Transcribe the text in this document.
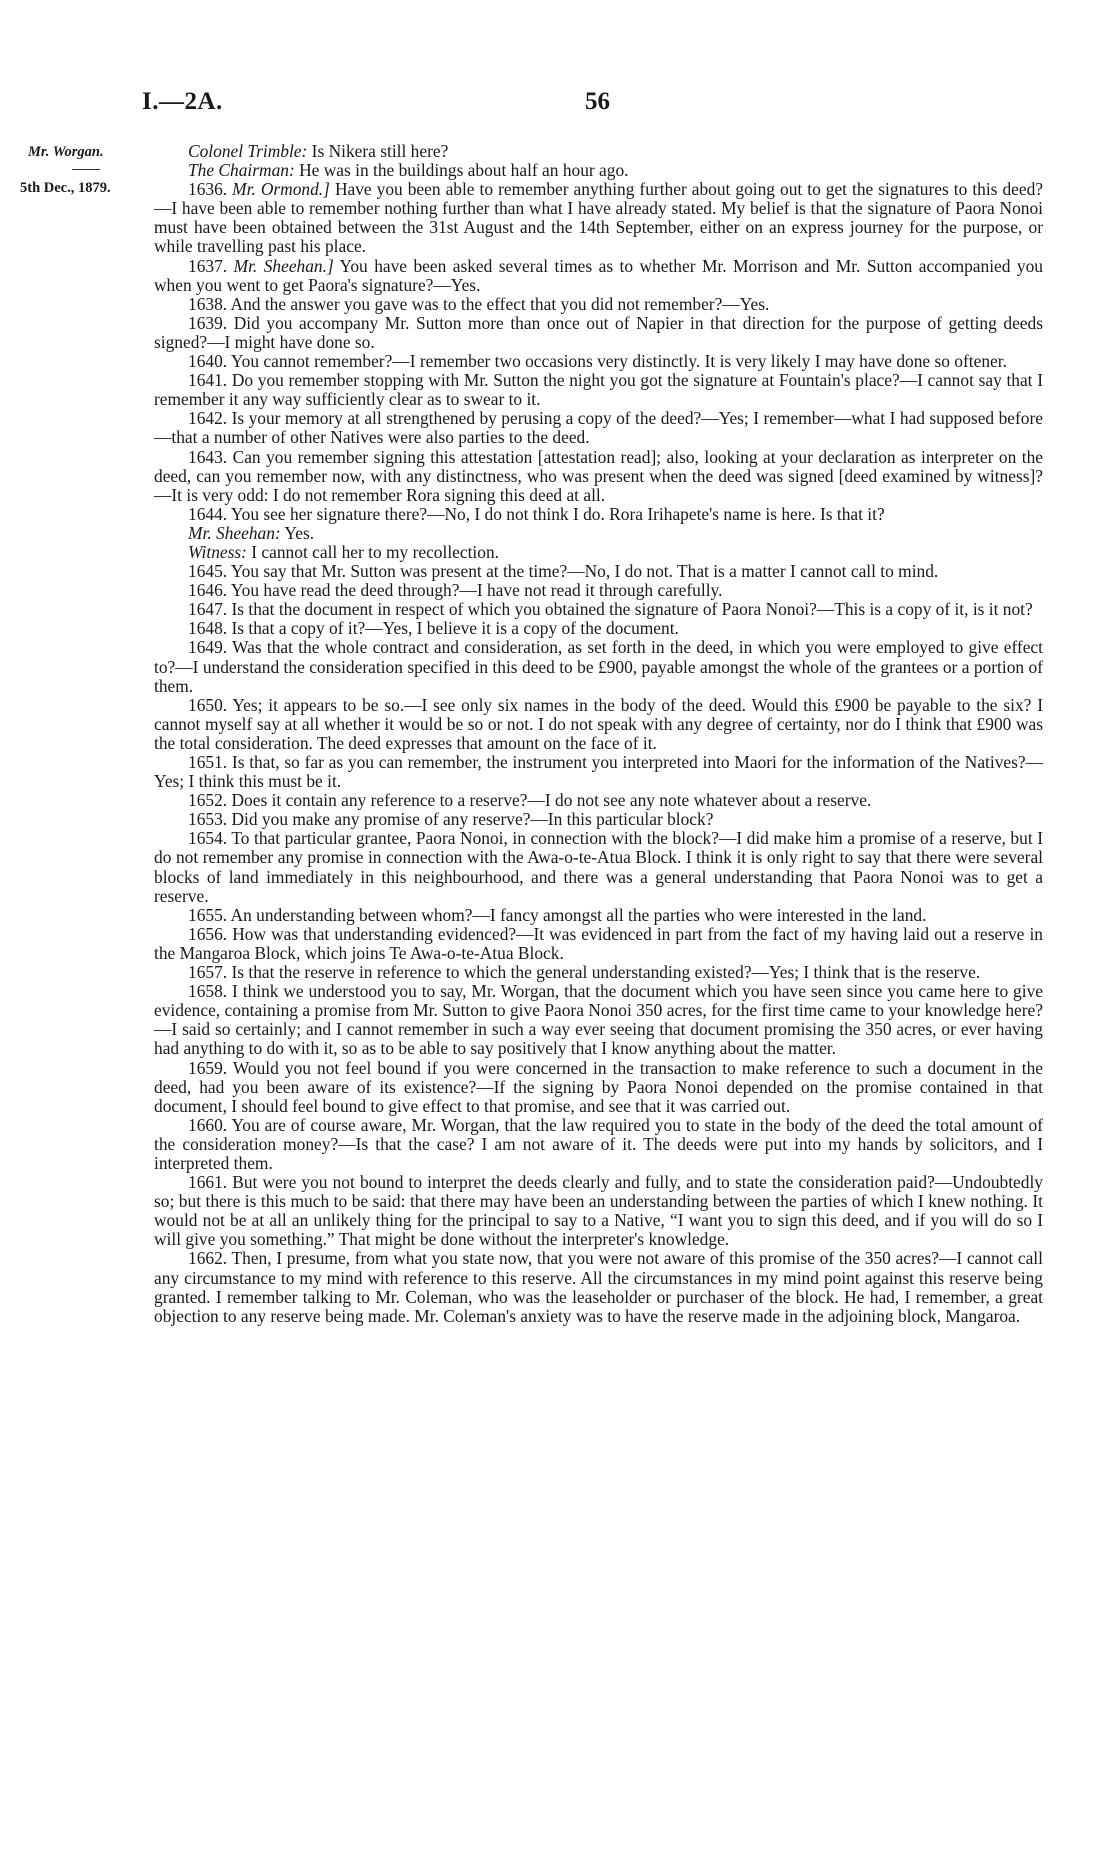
I.—2A.	56
Mr. Worgan.
5th Dec., 1879.

Colonel Trimble: Is Nikera still here?

The Chairman: He was in the buildings about half an hour ago.

1636. Mr. Ormond.] Have you been able to remember anything further about going out to get the signatures to this deed?—I have been able to remember nothing further than what I have already stated. My belief is that the signature of Paora Nonoi must have been obtained between the 31st August and the 14th September, either on an express journey for the purpose, or while travelling past his place.

1637. Mr. Sheehan.] You have been asked several times as to whether Mr. Morrison and Mr. Sutton accompanied you when you went to get Paora's signature?—Yes.

1638. And the answer you gave was to the effect that you did not remember?—Yes.

1639. Did you accompany Mr. Sutton more than once out of Napier in that direction for the purpose of getting deeds signed?—I might have done so.

1640. You cannot remember?—I remember two occasions very distinctly. It is very likely I may have done so oftener.

1641. Do you remember stopping with Mr. Sutton the night you got the signature at Fountain's place?—I cannot say that I remember it any way sufficiently clear as to swear to it.

1642. Is your memory at all strengthened by perusing a copy of the deed?—Yes; I remember—what I had supposed before—that a number of other Natives were also parties to the deed.

1643. Can you remember signing this attestation [attestation read]; also, looking at your declaration as interpreter on the deed, can you remember now, with any distinctness, who was present when the deed was signed [deed examined by witness]?—It is very odd: I do not remember Rora signing this deed at all.

1644. You see her signature there?—No, I do not think I do. Rora Irihapete's name is here. Is that it?

Mr. Sheehan: Yes.

Witness: I cannot call her to my recollection.

1645. You say that Mr. Sutton was present at the time?—No, I do not. That is a matter I cannot call to mind.

1646. You have read the deed through?—I have not read it through carefully.

1647. Is that the document in respect of which you obtained the signature of Paora Nonoi?—This is a copy of it, is it not?

1648. Is that a copy of it?—Yes, I believe it is a copy of the document.

1649. Was that the whole contract and consideration, as set forth in the deed, in which you were employed to give effect to?—I understand the consideration specified in this deed to be £900, payable amongst the whole of the grantees or a portion of them.

1650. Yes; it appears to be so.—I see only six names in the body of the deed. Would this £900 be payable to the six? I cannot myself say at all whether it would be so or not. I do not speak with any degree of certainty, nor do I think that £900 was the total consideration. The deed expresses that amount on the face of it.

1651. Is that, so far as you can remember, the instrument you interpreted into Maori for the information of the Natives?—Yes; I think this must be it.

1652. Does it contain any reference to a reserve?—I do not see any note whatever about a reserve.

1653. Did you make any promise of any reserve?—In this particular block?

1654. To that particular grantee, Paora Nonoi, in connection with the block?—I did make him a promise of a reserve, but I do not remember any promise in connection with the Awa-o-te-Atua Block. I think it is only right to say that there were several blocks of land immediately in this neighbourhood, and there was a general understanding that Paora Nonoi was to get a reserve.

1655. An understanding between whom?—I fancy amongst all the parties who were interested in the land.

1656. How was that understanding evidenced?—It was evidenced in part from the fact of my having laid out a reserve in the Mangaroa Block, which joins Te Awa-o-te-Atua Block.

1657. Is that the reserve in reference to which the general understanding existed?—Yes; I think that is the reserve.

1658. I think we understood you to say, Mr. Worgan, that the document which you have seen since you came here to give evidence, containing a promise from Mr. Sutton to give Paora Nonoi 350 acres, for the first time came to your knowledge here?—I said so certainly; and I cannot remember in such a way ever seeing that document promising the 350 acres, or ever having had anything to do with it, so as to be able to say positively that I know anything about the matter.

1659. Would you not feel bound if you were concerned in the transaction to make reference to such a document in the deed, had you been aware of its existence?—If the signing by Paora Nonoi depended on the promise contained in that document, I should feel bound to give effect to that promise, and see that it was carried out.

1660. You are of course aware, Mr. Worgan, that the law required you to state in the body of the deed the total amount of the consideration money?—Is that the case? I am not aware of it. The deeds were put into my hands by solicitors, and I interpreted them.

1661. But were you not bound to interpret the deeds clearly and fully, and to state the consideration paid?—Undoubtedly so; but there is this much to be said: that there may have been an understanding between the parties of which I knew nothing. It would not be at all an unlikely thing for the principal to say to a Native, “I want you to sign this deed, and if you will do so I will give you something.” That might be done without the interpreter's knowledge.

1662. Then, I presume, from what you state now, that you were not aware of this promise of the 350 acres?—I cannot call any circumstance to my mind with reference to this reserve. All the circumstances in my mind point against this reserve being granted. I remember talking to Mr. Coleman, who was the leaseholder or purchaser of the block. He had, I remember, a great objection to any reserve being made. Mr. Coleman's anxiety was to have the reserve made in the adjoining block, Mangaroa.
